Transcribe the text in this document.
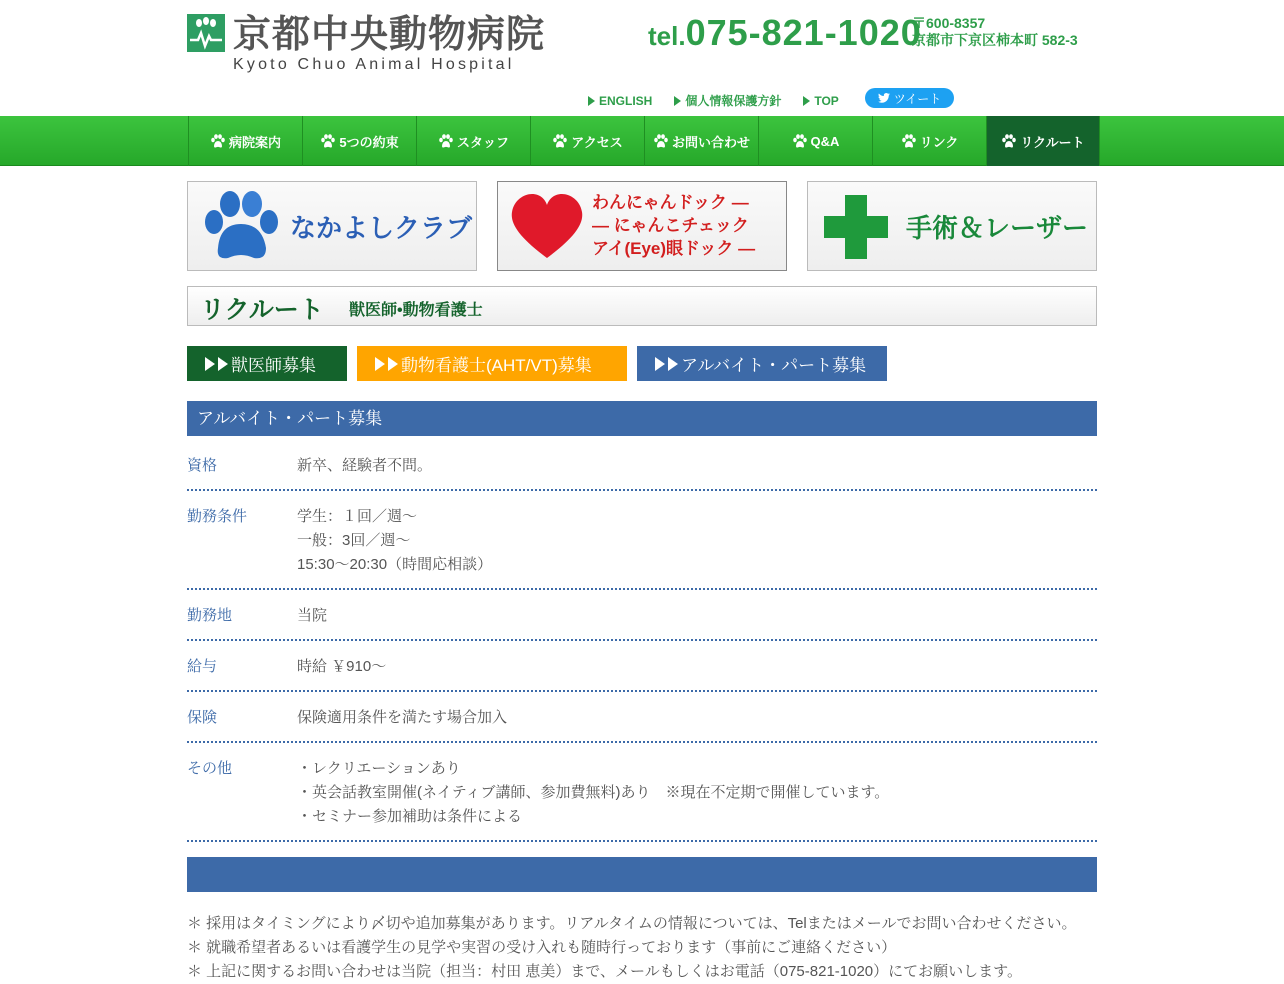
京都中央動物病院
Kyoto Chuo Animal Hospital
tel.075-821-1020
〒600-8357
京都市下京区柿本町 582-3
ENGLISH	個人情報保護方針	TOP	ツイート
病院案内	5つの約束	スタッフ	アクセス	お問い合わせ	Q&A	リンク	リクルート
なかよしクラブ
わんにゃんドック —
— にゃんこチェック
アイ(Eye)眼ドック —
手術＆レーザー
リクルート 獣医師•動物看護士
獣医師募集	動物看護士(AHT/VT)募集	アルバイト・パート募集
アルバイト・パート募集
資格	新卒、経験者不問。
勤務条件	学生：１回／週～
一般：3回／週～
15:30～20:30（時間応相談）
勤務地	当院
給与	時給 ￥910～
保険	保険適用条件を満たす場合加入
その他	・レクリエーションあり
・英会話教室開催(ネイティブ講師、参加費無料)あり　※現在不定期で開催しています。
・セミナー参加補助は条件による
＊ 採用はタイミングにより〆切や追加募集があります。リアルタイムの情報については、Telまたはメールでお問い合わせください。
＊ 就職希望者あるいは看護学生の見学や実習の受け入れも随時行っております（事前にご連絡ください）
＊ 上記に関するお問い合わせは当院（担当：村田 恵美）まで、メールもしくはお電話（075-821-1020）にてお願いします。
